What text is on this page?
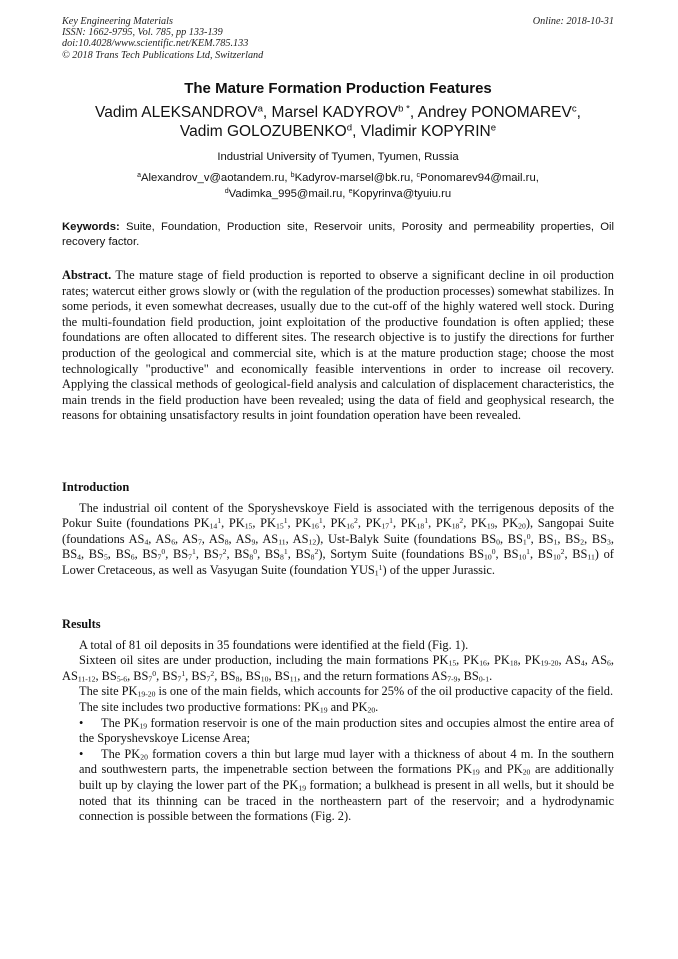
Key Engineering Materials
ISSN: 1662-9795, Vol. 785, pp 133-139
doi:10.4028/www.scientific.net/KEM.785.133
© 2018 Trans Tech Publications Ltd, Switzerland
Online: 2018-10-31
The Mature Formation Production Features
Vadim ALEKSANDROV$^a$, Marsel $KADYROV^{b *}$, Andrey PONOMAREV$^c$,
Vadim GOLOZUBENKO$^d$, Vladimir KOPYRIN$^e$
Industrial University of Tyumen, Tyumen, Russia
$^a$Alexandrov_v@aotandem.ru, $^b$Kadyrov-marsel@bk.ru, $^c$Ponomarev94@mail.ru,
$^d$Vadimka_995@mail.ru, $^e$Kopyrinva@tyuiu.ru
Keywords: Suite, Foundation, Production site, Reservoir units, Porosity and permeability properties, Oil recovery factor.

Abstract. The mature stage of field production is reported to observe a significant decline in oil production rates; watercut either grows slowly or (with the regulation of the production processes) somewhat stabilizes. In some periods, it even somewhat decreases, usually due to the cut-off of the highly watered well stock. During the multi-foundation field production, joint exploitation of the productive foundation is often applied; these foundations are often allocated to different sites. The research objective is to justify the directions for further production of the geological and commercial site, which is at the mature production stage; choose the most technologically "productive" and economically feasible interventions in order to increase oil recovery. Applying the classical methods of geological-field analysis and calculation of displacement characteristics, the main trends in the field production have been revealed; using the data of field and geophysical research, the reasons for obtaining unsatisfactory results in joint foundation operation have been revealed.

Introduction

The industrial oil content of the Sporyshevskoye Field is associated with the terrigenous deposits of the Pokur Suite (foundations $PK_{14}^1$, $PK_{15}$, $PK_{15}^1$, $PK_{16}^1$, $PK_{16}^2$, $PK_{17}^1$, $PK_{18}^1$, $PK_{18}^2$, $PK_{19}$, $PK_{20}$), Sangopai Suite (foundations $AS_4$, $AS_6$, $AS_7$, $AS_8$, $AS_9$, $AS_{11}$, $AS_{12}$), Ust-Balyk Suite (foundations $BS_0$, $BS_1^0$, $BS_1$, $BS_2$, $BS_3$, $BS_4$, $BS_5$, $BS_6$, $BS_7^0$, $BS_7^1$, $BS_7^2$, $BS_8^0$, $BS_8^1$, $BS_8^2$), Sortym Suite (foundations $BS_{10}^0$, $BS_{10}^1$, $BS_{10}^2$, $BS_{11}$) of Lower Cretaceous, as well as Vasyugan Suite (foundation $YUS_1^1$) of the upper Jurassic.

Results

A total of 81 oil deposits in 35 foundations were identified at the field (Fig. 1).

Sixteen oil sites are under production, including the main formations $PK_{15}$, $PK_{16}$, $PK_{18}$, $PK_{19-20}$, $AS_4$, $AS_6$, $AS_{11-12}$, $BS_{5-6}$, $BS_7^0$, $BS_7^1$, $BS_7^2$, $BS_8$, $BS_{10}$, $BS_{11}$, and the return formations $AS_{7-9}$, $BS_{0-1}$.

The site $PK_{19-20}$ is one of the main fields, which accounts for 25% of the oil productive capacity of the field.

The site includes two productive formations: $PK_{19}$ and $PK_{20}$.

• The $PK_{19}$ formation reservoir is one of the main production sites and occupies almost the entire area of the Sporyshevskoye License Area;

• The $PK_{20}$ formation covers a thin but large mud layer with a thickness of about 4 m. In the southern and southwestern parts, the impenetrable section between the formations $PK_{19}$ and $PK_{20}$ are additionally built up by claying the lower part of the $PK_{19}$ formation; a bulkhead is present in all wells, but it should be noted that its thinning can be traced in the northeastern part of the reservoir; and a hydrodynamic connection is possible between the formations (Fig. 2).
